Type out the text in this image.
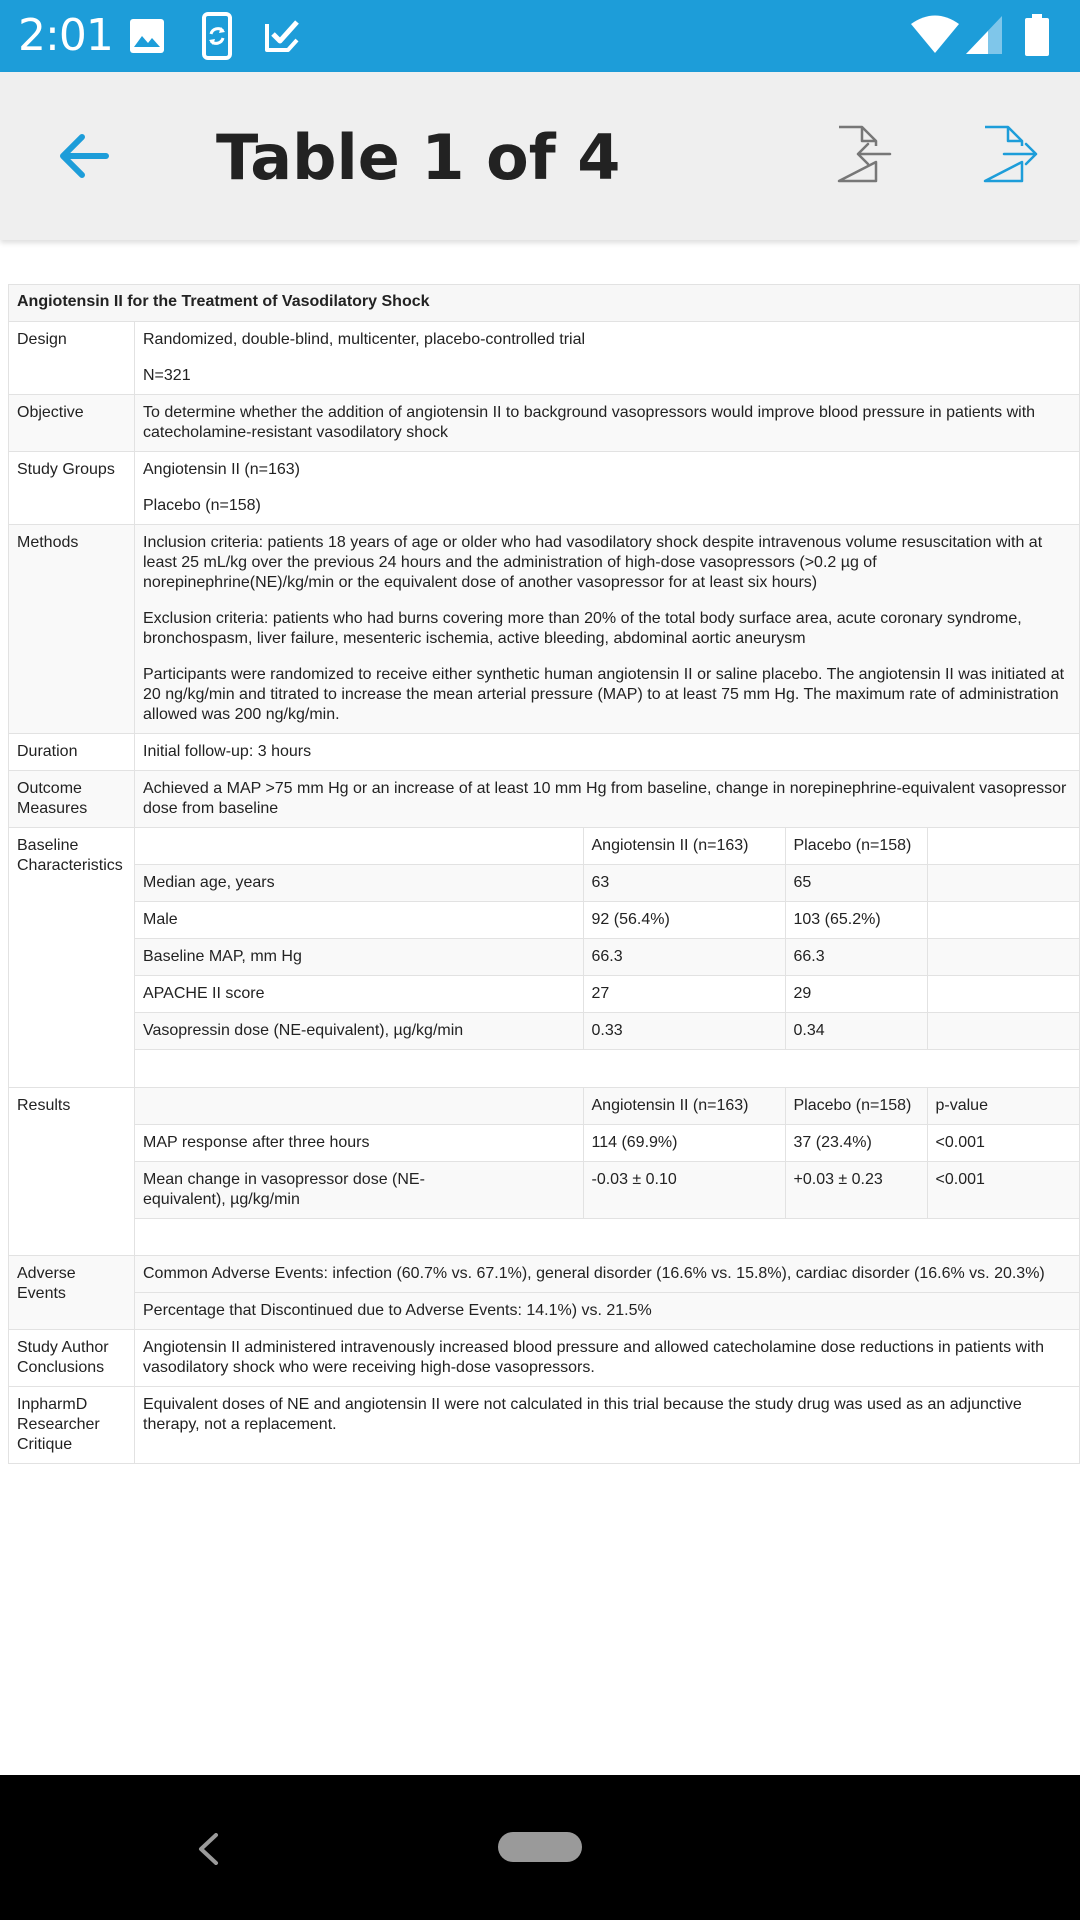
2:01
Table 1 of 4
Angiotensin II for the Treatment of Vasodilatory Shock
Design	Randomized, double-blind, multicenter, placebo-controlled trial

N=321

Objective	To determine whether the addition of angiotensin II to background vasopressors would improve blood pressure in patients with catecholamine-resistant vasodilatory shock
Study Groups	Angiotensin II (n=163)

Placebo (n=158)

Methods	Inclusion criteria: patients 18 years of age or older who had vasodilatory shock despite intravenous volume resuscitation with at least 25 mL/kg over the previous 24 hours and the administration of high-dose vasopressors (>0.2 µg of norepinephrine(NE)/kg/min or the equivalent dose of another vasopressor for at least six hours)

Exclusion criteria: patients who had burns covering more than 20% of the total body surface area, acute coronary syndrome, bronchospasm, liver failure, mesenteric ischemia, active bleeding, abdominal aortic aneurysm

Participants were randomized to receive either synthetic human angiotensin II or saline placebo. The angiotensin II was initiated at 20 ng/kg/min and titrated to increase the mean arterial pressure (MAP) to at least 75 mm Hg. The maximum rate of administration allowed was 200 ng/kg/min.

Duration	Initial follow-up: 3 hours
Outcome Measures	Achieved a MAP >75 mm Hg or an increase of at least 10 mm Hg from baseline, change in norepinephrine-equivalent vasopressor dose from baseline
Baseline Characteristics	
	Angiotensin II (n=163)	Placebo (n=158)	
Median age, years	63	65	
Male	92 (56.4%)	103 (65.2%)	
Baseline MAP, mm Hg	66.3	66.3	
APACHE II score	27	29	
Vasopressin dose (NE-equivalent), µg/kg/min	0.33	0.34	

Results	
		Angiotensin II (n=163)	Placebo (n=158)	p-value
MAP response after three hours	114 (69.9%)	37 (23.4%)	<0.001
Mean change in vasopressor dose (NE-equivalent), µg/kg/min	-0.03 ± 0.10	+0.03 ± 0.23	<0.001

Adverse Events	
Common Adverse Events: infection (60.7% vs. 67.1%), general disorder (16.6% vs. 15.8%), cardiac disorder (16.6% vs. 20.3%)
Percentage that Discontinued due to Adverse Events: 14.1%) vs. 21.5%

Study Author Conclusions	Angiotensin II administered intravenously increased blood pressure and allowed catecholamine dose reductions in patients with vasodilatory shock who were receiving high-dose vasopressors.
InpharmD Researcher Critique	Equivalent doses of NE and angiotensin II were not calculated in this trial because the study drug was used as an adjunctive therapy, not a replacement.
